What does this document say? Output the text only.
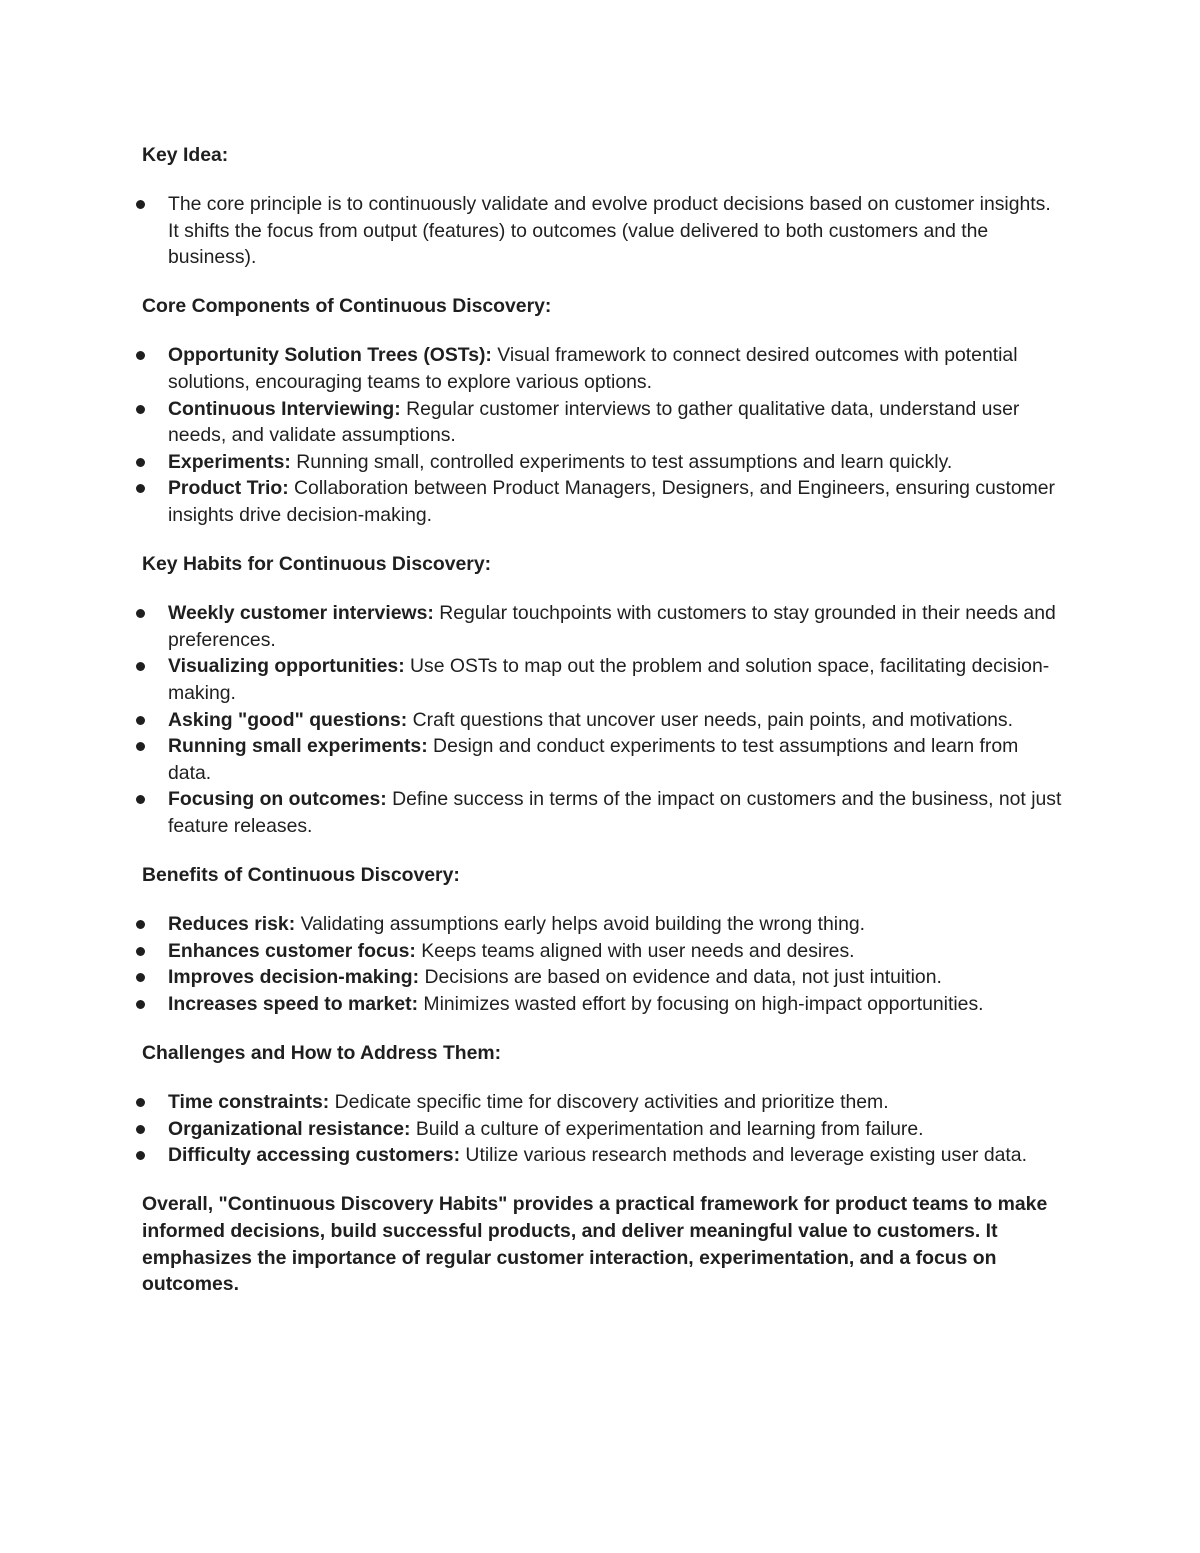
Key Idea:
The core principle is to continuously validate and evolve product decisions based on customer insights. It shifts the focus from output (features) to outcomes (value delivered to both customers and the business).
Core Components of Continuous Discovery:
Opportunity Solution Trees (OSTs): Visual framework to connect desired outcomes with potential solutions, encouraging teams to explore various options.
Continuous Interviewing: Regular customer interviews to gather qualitative data, understand user needs, and validate assumptions.
Experiments: Running small, controlled experiments to test assumptions and learn quickly.
Product Trio: Collaboration between Product Managers, Designers, and Engineers, ensuring customer insights drive decision-making.
Key Habits for Continuous Discovery:
Weekly customer interviews: Regular touchpoints with customers to stay grounded in their needs and preferences.
Visualizing opportunities: Use OSTs to map out the problem and solution space, facilitating decision-making.
Asking "good" questions: Craft questions that uncover user needs, pain points, and motivations.
Running small experiments: Design and conduct experiments to test assumptions and learn from data.
Focusing on outcomes: Define success in terms of the impact on customers and the business, not just feature releases.
Benefits of Continuous Discovery:
Reduces risk: Validating assumptions early helps avoid building the wrong thing.
Enhances customer focus: Keeps teams aligned with user needs and desires.
Improves decision-making: Decisions are based on evidence and data, not just intuition.
Increases speed to market: Minimizes wasted effort by focusing on high-impact opportunities.
Challenges and How to Address Them:
Time constraints: Dedicate specific time for discovery activities and prioritize them.
Organizational resistance: Build a culture of experimentation and learning from failure.
Difficulty accessing customers: Utilize various research methods and leverage existing user data.

Overall, "Continuous Discovery Habits" provides a practical framework for product teams to make informed decisions, build successful products, and deliver meaningful value to customers. It emphasizes the importance of regular customer interaction, experimentation, and a focus on outcomes.
